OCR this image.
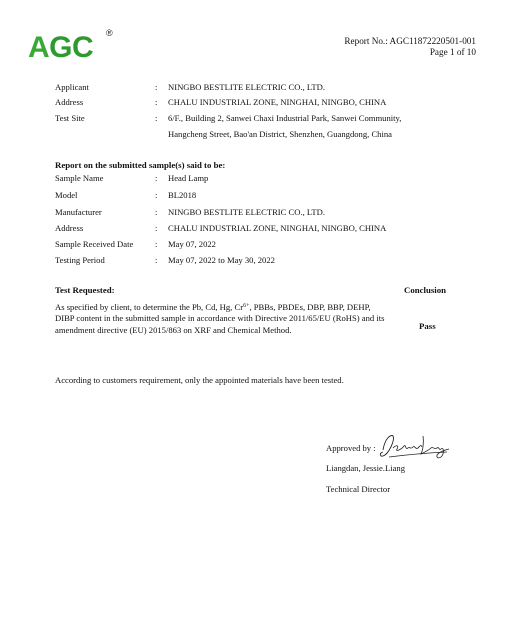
AGC	®
Report No.: AGC11872220501-001
Page 1 of 10
Applicant	: NINGBO BESTLITE ELECTRIC CO., LTD.
Address	: CHALU INDUSTRIAL ZONE, NINGHAI, NINGBO, CHINA
Test Site	: 6/F., Building 2, Sanwei Chaxi Industrial Park, Sanwei Community,
Hangcheng Street, Bao'an District, Shenzhen, Guangdong, China
Report on the submitted sample(s) said to be:
Sample Name	: Head Lamp
Model	: BL2018
Manufacturer	: NINGBO BESTLITE ELECTRIC CO., LTD.
Address	: CHALU INDUSTRIAL ZONE, NINGHAI, NINGBO, CHINA
Sample Received Date	: May 07, 2022
Testing Period	: May 07, 2022 to May 30, 2022
Test Requested:	Conclusion
As specified by client, to determine the Pb, Cd, Hg, $Cr^{6+}$, PBBs, PBDEs, DBP, BBP, DEHP, DIBP content in the submitted sample in accordance with Directive 2011/65/EU (RoHS) and its amendment directive (EU) 2015/863 on XRF and Chemical Method.	Pass
According to customers requirement, only the appointed materials have been tested.
Approved by :
Liangdan, Jessie.Liang
Technical Director
